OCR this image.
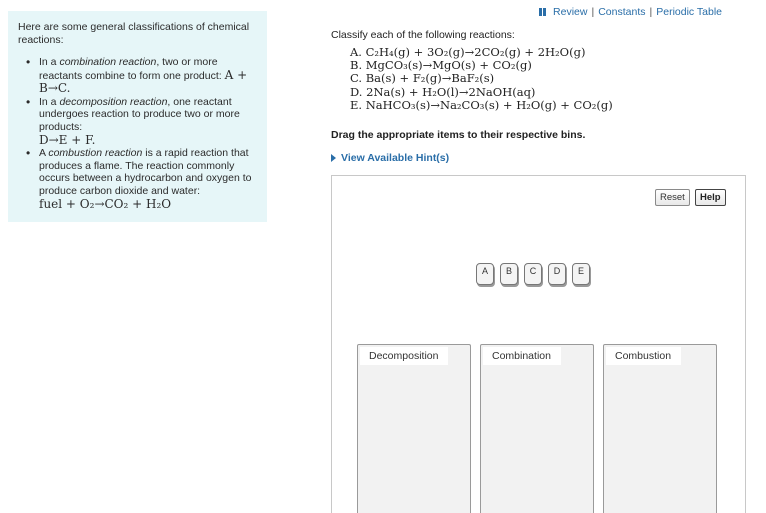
Here are some general classifications of chemical reactions:

• In a combination reaction, two or more reactants combine to form one product: A + B→C.
• In a decomposition reaction, one reactant undergoes reaction to produce two or more products:
D→E + F.
• A combustion reaction is a rapid reaction that produces a flame. The reaction commonly occurs between a hydrocarbon and oxygen to produce carbon dioxide and water:
fuel + O₂→CO₂ + H₂O
Review | Constants | Periodic Table
Classify each of the following reactions:
A. C₂H₄(g) + 3O₂(g)→2CO₂(g) + 2H₂O(g)
B. MgCO₃(s)→MgO(s) + CO₂(g)
C. Ba(s) + F₂(g)→BaF₂(s)
D. 2Na(s) + H₂O(l)→2NaOH(aq)
E. NaHCO₃(s)→Na₂CO₃(s) + H₂O(g) + CO₂(g)
Drag the appropriate items to their respective bins.
View Available Hint(s)
Reset	Help
A	B	C	D	E
Decomposition	Combination	Combustion
